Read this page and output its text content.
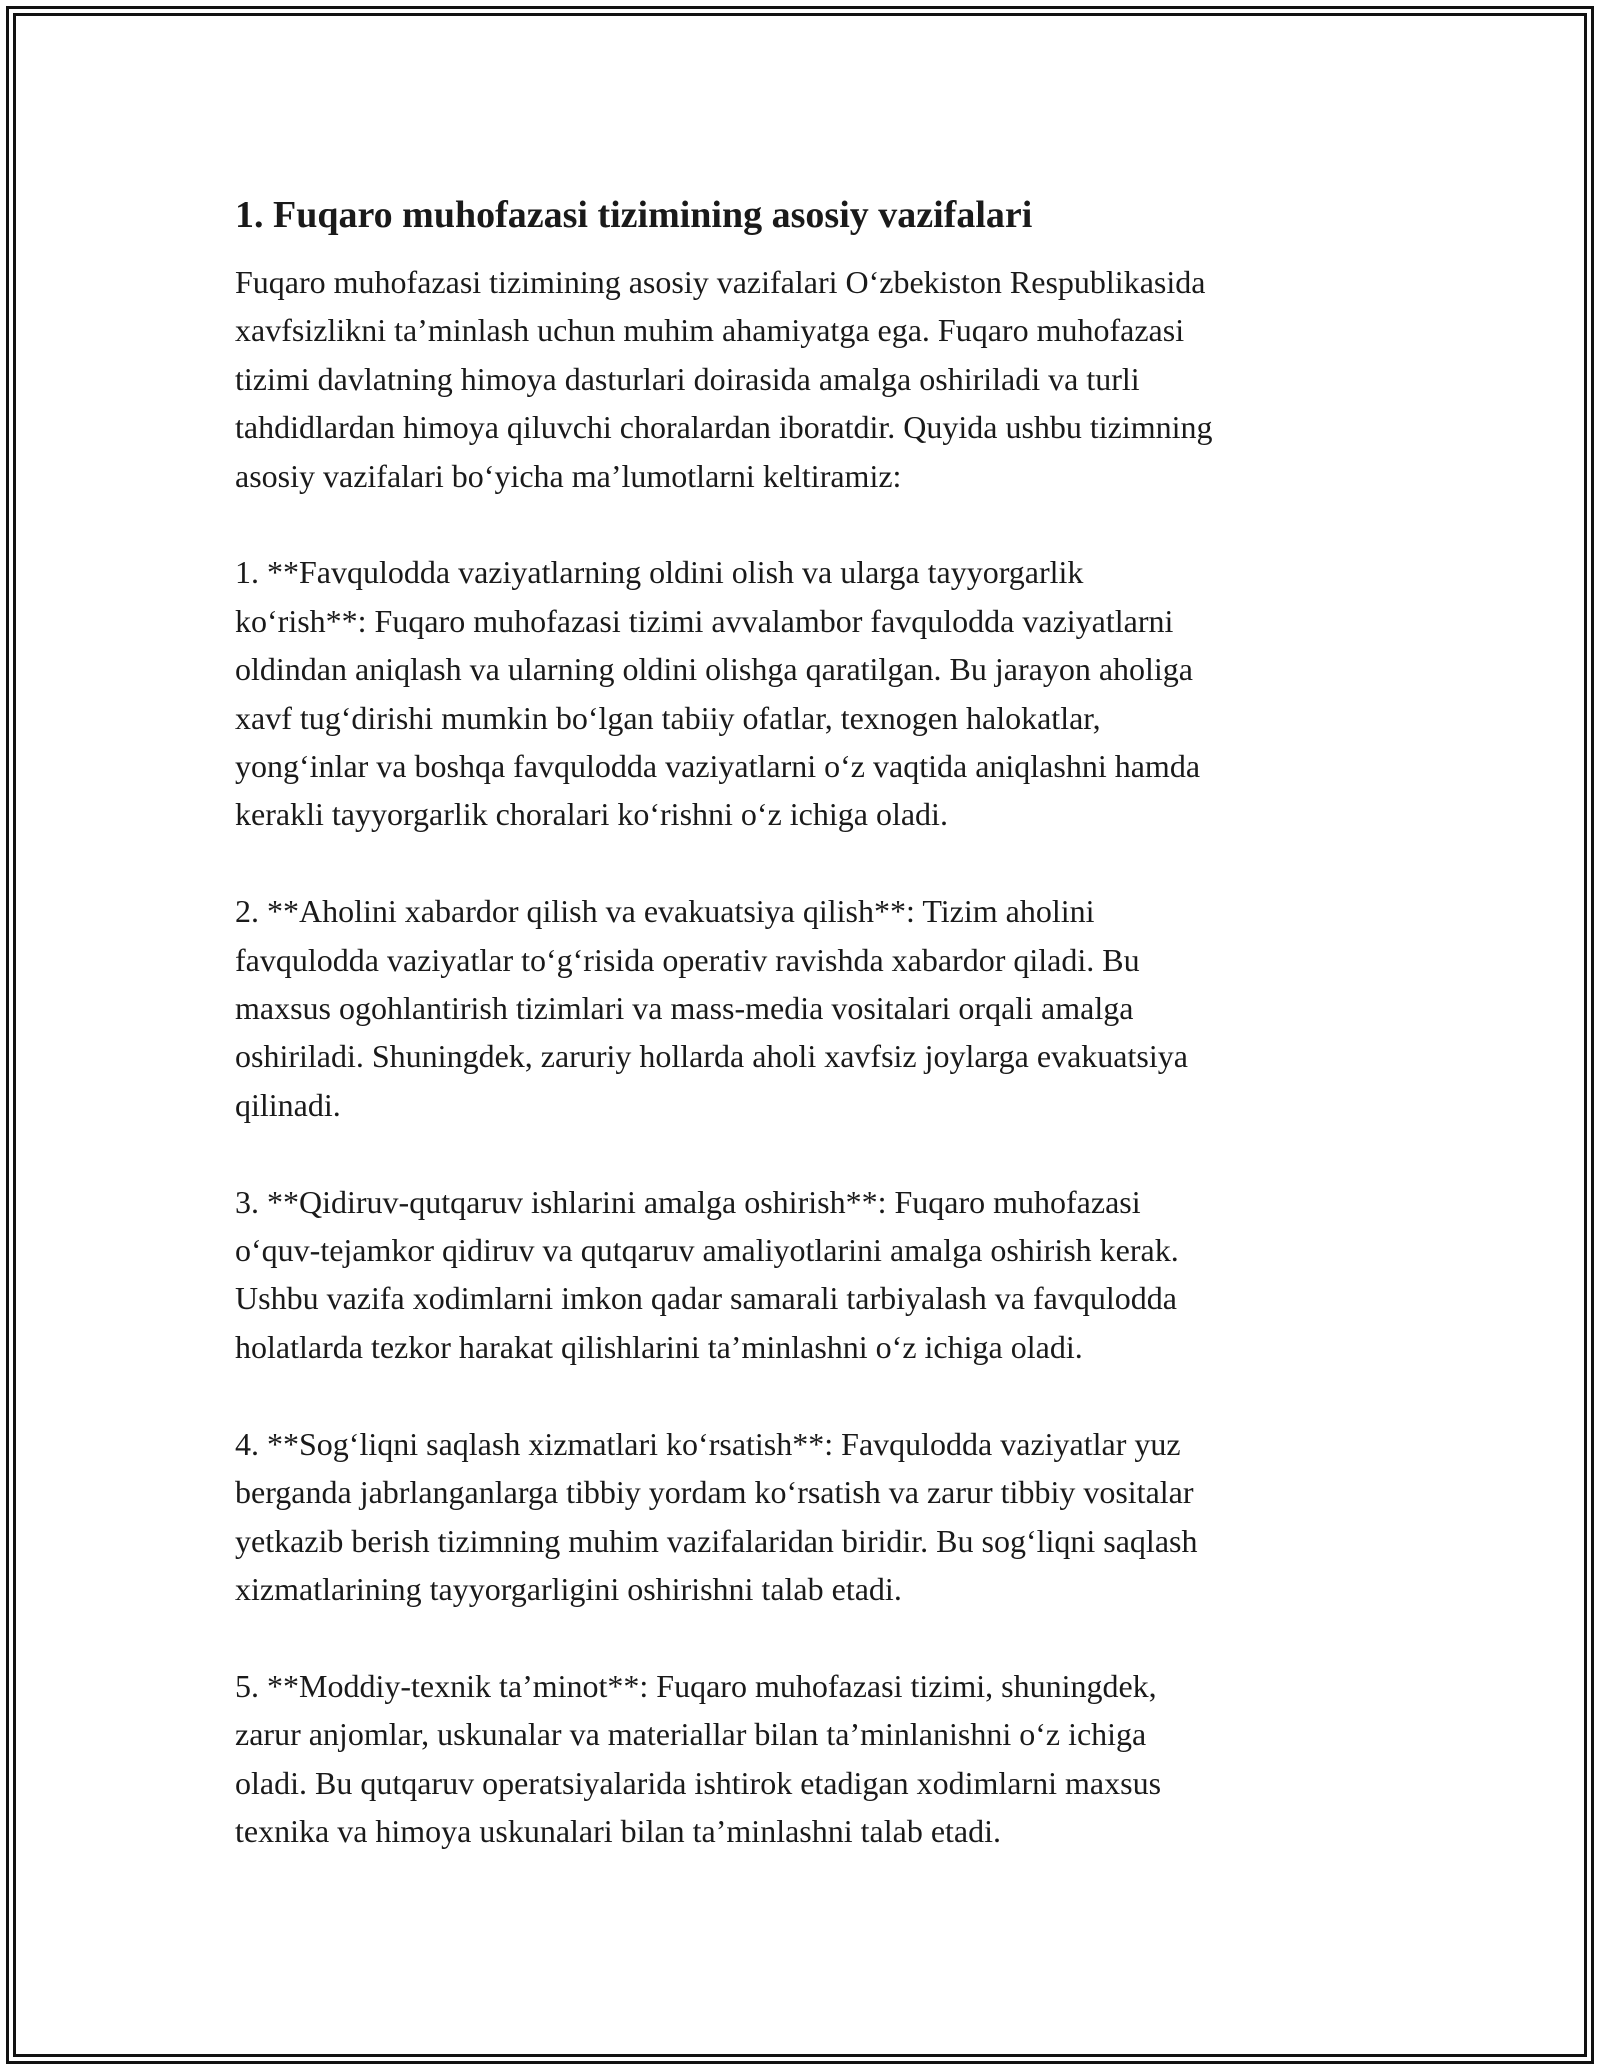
1. Fuqaro muhofazasi tizimining asosiy vazifalari

Fuqaro muhofazasi tizimining asosiy vazifalari O‘zbekiston Respublikasida
xavfsizlikni ta’minlash uchun muhim ahamiyatga ega. Fuqaro muhofazasi
tizimi davlatning himoya dasturlari doirasida amalga oshiriladi va turli
tahdidlardan himoya qiluvchi choralardan iboratdir. Quyida ushbu tizimning
asosiy vazifalari bo‘yicha ma’lumotlarni keltiramiz:

1. **Favqulodda vaziyatlarning oldini olish va ularga tayyorgarlik
ko‘rish**: Fuqaro muhofazasi tizimi avvalambor favqulodda vaziyatlarni
oldindan aniqlash va ularning oldini olishga qaratilgan. Bu jarayon aholiga
xavf tug‘dirishi mumkin bo‘lgan tabiiy ofatlar, texnogen halokatlar,
yong‘inlar va boshqa favqulodda vaziyatlarni o‘z vaqtida aniqlashni hamda
kerakli tayyorgarlik choralari ko‘rishni o‘z ichiga oladi.

2. **Aholini xabardor qilish va evakuatsiya qilish**: Tizim aholini
favqulodda vaziyatlar to‘g‘risida operativ ravishda xabardor qiladi. Bu
maxsus ogohlantirish tizimlari va mass-media vositalari orqali amalga
oshiriladi. Shuningdek, zaruriy hollarda aholi xavfsiz joylarga evakuatsiya
qilinadi.

3. **Qidiruv-qutqaruv ishlarini amalga oshirish**: Fuqaro muhofazasi
o‘quv-tejamkor qidiruv va qutqaruv amaliyotlarini amalga oshirish kerak.
Ushbu vazifa xodimlarni imkon qadar samarali tarbiyalash va favqulodda
holatlarda tezkor harakat qilishlarini ta’minlashni o‘z ichiga oladi.

4. **Sog‘liqni saqlash xizmatlari ko‘rsatish**: Favqulodda vaziyatlar yuz
berganda jabrlanganlarga tibbiy yordam ko‘rsatish va zarur tibbiy vositalar
yetkazib berish tizimning muhim vazifalaridan biridir. Bu sog‘liqni saqlash
xizmatlarining tayyorgarligini oshirishni talab etadi.

5. **Moddiy-texnik ta’minot**: Fuqaro muhofazasi tizimi, shuningdek,
zarur anjomlar, uskunalar va materiallar bilan ta’minlanishni o‘z ichiga
oladi. Bu qutqaruv operatsiyalarida ishtirok etadigan xodimlarni maxsus
texnika va himoya uskunalari bilan ta’minlashni talab etadi.
